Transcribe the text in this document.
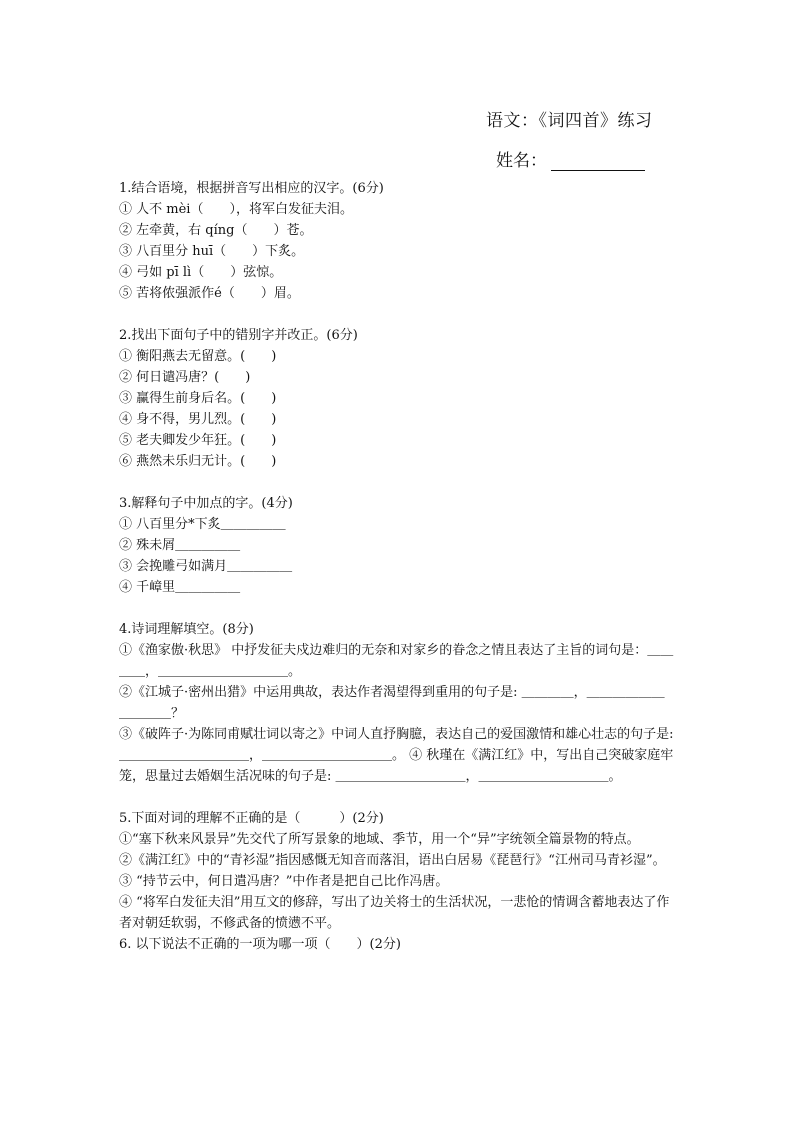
语文：《词四首》练习
姓名：

1.结合语境，根据拼音写出相应的汉字。(6分)

① 人不 mèi（　　），将军白发征夫泪。

② 左牵黄，右 qíng（　　）苍。

③ 八百里分 huī（　　）下炙。

④ 弓如 pī lì（　　）弦惊。

⑤ 苦将侬强派作é（　　）眉。

2.找出下面句子中的错别字并改正。(6分)

① 衡阳燕去无留意。(　　)

② 何日谴冯唐？(　　)

③ 赢得生前身后名。(　　)

④ 身不得，男儿烈。(　　)

⑤ 老夫卿发少年狂。(　　)

⑥ 燕然未乐归无计。(　　)

3.解释句子中加点的字。(4分)

① 八百里分*下炙＿＿＿＿＿

② 殊未屑＿＿＿＿＿

③ 会挽雕弓如满月＿＿＿＿＿

④ 千嶂里＿＿＿＿＿

4.诗词理解填空。(8分)

①《渔家傲·秋思》 中抒发征夫戍边难归的无奈和对家乡的眷念之情且表达了主旨的词句是：＿＿＿＿，＿＿＿＿＿＿＿＿＿＿。

②《江城子·密州出猎》中运用典故，表达作者渴望得到重用的句子是: ＿＿＿＿，＿＿＿＿＿＿＿＿＿＿？

③《破阵子·为陈同甫赋壮词以寄之》中词人直抒胸臆，表达自己的爱国激情和雄心壮志的句子是: ＿＿＿＿＿＿＿＿＿＿，＿＿＿＿＿＿＿＿＿＿。 ④ 秋瑾在《满江红》中，写出自己突破家庭牢笼，思量过去婚姻生活况味的句子是: ＿＿＿＿＿＿＿＿＿＿，＿＿＿＿＿＿＿＿＿＿。

5.下面对词的理解不正确的是（　　　）(2分)

①“塞下秋来风景异”先交代了所写景象的地域、季节，用一个“异”字统领全篇景物的特点。

②《满江红》中的“青衫湿”指因感慨无知音而落泪，语出白居易《琵琶行》“江州司马青衫湿”。

③ “持节云中，何日遣冯唐？”中作者是把自己比作冯唐。

④ “将军白发征夫泪”用互文的修辞，写出了边关将士的生活状况，一悲怆的情调含蓄地表达了作者对朝廷软弱，不修武备的愤懑不平。

6. 以下说法不正确的一项为哪一项（　　）(2分)
